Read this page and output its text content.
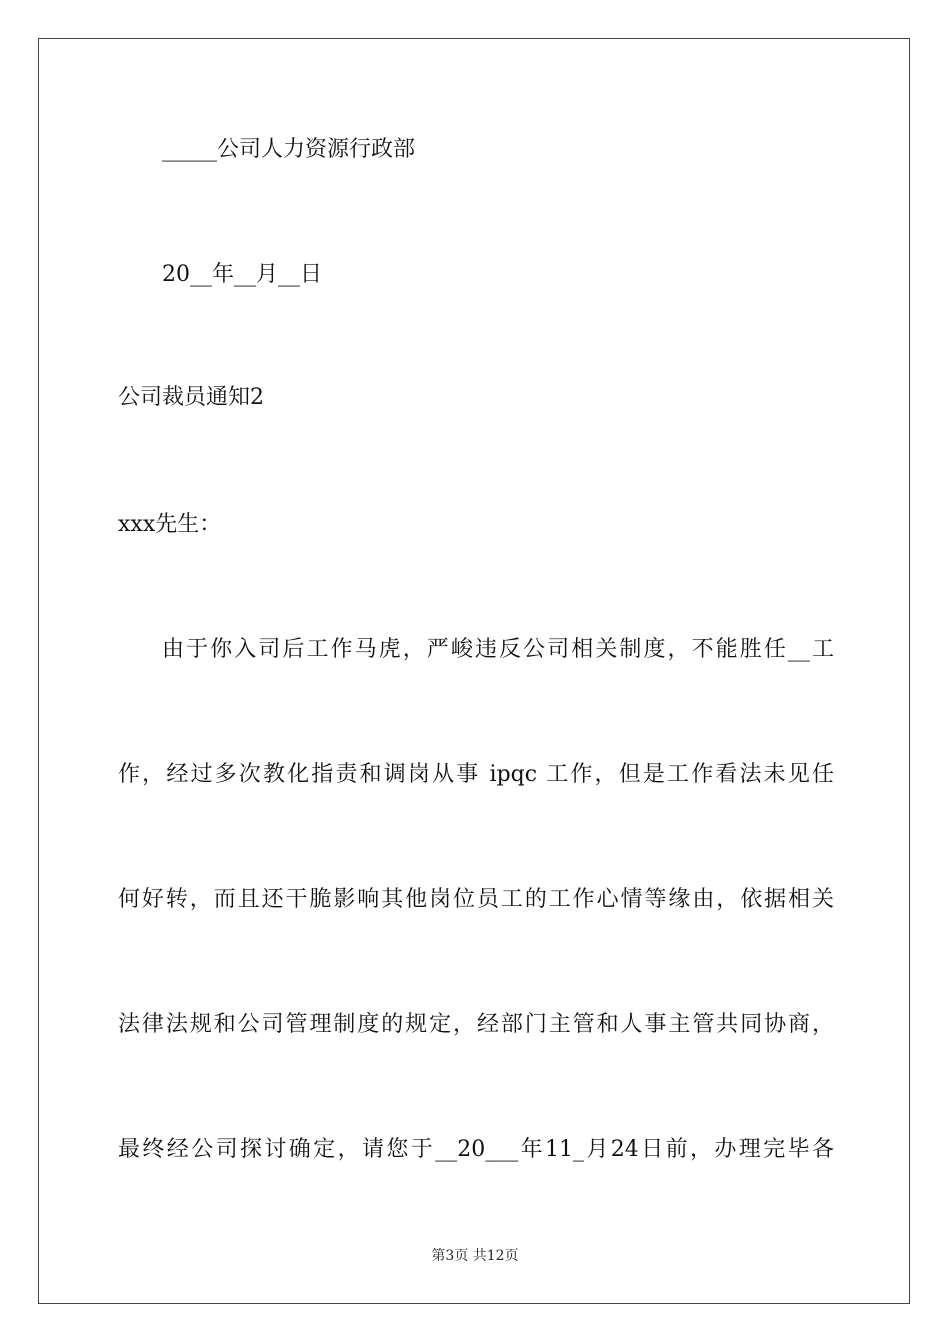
_____公司人力资源行政部
20__年__月__日
公司裁员通知2
xxx先生：
由于你入司后工作马虎，严峻违反公司相关制度，不能胜任__工
作，经过多次教化指责和调岗从事 ipqc 工作，但是工作看法未见任
何好转，而且还干脆影响其他岗位员工的工作心情等缘由，依据相关
法律法规和公司管理制度的规定，经部门主管和人事主管共同协商，
最终经公司探讨确定，请您于__20___年11_月24日前，办理完毕各
第3页 共12页
